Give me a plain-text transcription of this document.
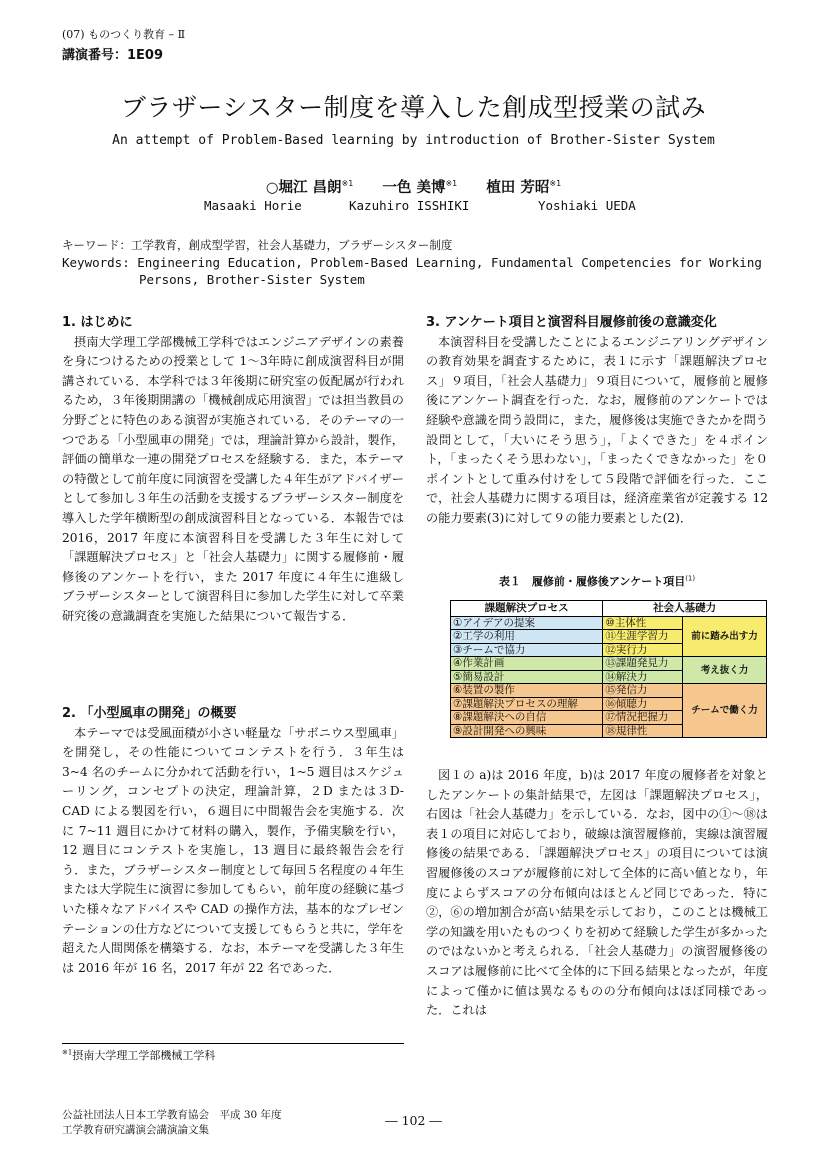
(07) ものつくり教育 – Ⅱ
講演番号：1E09
ブラザーシスター制度を導入した創成型授業の試み
An attempt of Problem-Based learning by introduction of Brother-Sister System
○堀江 昌朗$^{※1}$ 一色 美博$^{※1}$ 植田 芳昭$^{※1}$
Masaaki Horie	Kazuhiro ISSHIKI	Yoshiaki UEDA
キーワード：工学教育，創成型学習，社会人基礎力，ブラザーシスター制度
Keywords: Engineering Education, Problem-Based Learning, Fundamental Competencies for Working
Persons, Brother-Sister System
1. はじめに

摂南大学理工学部機械工学科ではエンジニアデザインの素養を身につけるための授業として 1～3年時に創成演習科目が開講されている．本学科では３年後期に研究室の仮配属が行われるため，３年後期開講の「機械創成応用演習」では担当教員の分野ごとに特色のある演習が実施されている．そのテーマの一つである「小型風車の開発」では，理論計算から設計，製作，評価の簡単な一連の開発プロセスを経験する．また，本テーマの特徴として前年度に同演習を受講した４年生がアドバイザーとして参加し３年生の活動を支援するブラザーシスター制度を導入した学年横断型の創成演習科目となっている．本報告では 2016，2017 年度に本演習科目を受講した３年生に対して「課題解決プロセス」と「社会人基礎力」に関する履修前・履修後のアンケートを行い，また 2017 年度に４年生に進級しブラザーシスターとして演習科目に参加した学生に対して卒業研究後の意識調査を実施した結果について報告する．

2. 「小型風車の開発」の概要

本テーマでは受風面積が小さい軽量な「サボニウス型風車」を開発し，その性能についてコンテストを行う．３年生は 3~4 名のチームに分かれて活動を行い，1~5 週目はスケジューリング，コンセプトの決定，理論計算，２D または３D-CAD による製図を行い，６週目に中間報告会を実施する．次に 7~11 週目にかけて材料の購入，製作，予備実験を行い，12 週目にコンテストを実施し，13 週目に最終報告会を行う．また，ブラザーシスター制度として毎回５名程度の４年生または大学院生に演習に参加してもらい，前年度の経験に基づいた様々なアドバイスや CAD の操作方法，基本的なプレゼンテーションの仕方などについて支援してもらうと共に，学年を超えた人間関係を構築する．なお，本テーマを受講した３年生は 2016 年が 16 名，2017 年が 22 名であった．

$^{※1}$摂南大学理工学部機械工学科
3. アンケート項目と演習科目履修前後の意識変化

本演習科目を受講したことによるエンジニアリングデザインの教育効果を調査するために，表１に示す「課題解決プロセス」９項目，「社会人基礎力」９項目について，履修前と履修後にアンケート調査を行った．なお，履修前のアンケートでは経験や意識を問う設問に，また，履修後は実施できたかを問う設問として，「大いにそう思う」，「よくできた」を４ポイント，「まったくそう思わない」，「まったくできなかった」を０ポイントとして重み付けをして５段階で評価を行った．ここで，社会人基礎力に関する項目は，経済産業省が定義する 12 の能力要素(3)に対して９の能力要素とした(2)．

表１　履修前・履修後アンケート項目$^{(1)}$
課題解決プロセス	社会人基礎力	
①アイデアの提案	⑩主体性	前に踏み出す力
②工学の利用	⑪生涯学習力	
③チームで協力	⑫実行力	
④作業計画	⑬課題発見力	考え抜く力
⑤簡易設計	⑭解決力	
⑥装置の製作	⑮発信力	チームで働く力
⑦課題解決プロセスの理解	⑯傾聴力	
⑧課題解決への自信	⑰情況把握力	
⑨設計開発への興味	⑱規律性	

図１の a)は 2016 年度，b)は 2017 年度の履修者を対象としたアンケートの集計結果で，左図は「課題解決プロセス」，右図は「社会人基礎力」を示している．なお，図中の①～⑱は表１の項目に対応しており，破線は演習履修前，実線は演習履修後の結果である．「課題解決プロセス」の項目については演習履修後のスコアが履修前に対して全体的に高い値となり，年度によらずスコアの分布傾向はほとんど同じであった．特に②，⑥の増加割合が高い結果を示しており，このことは機械工学の知識を用いたものつくりを初めて経験した学生が多かったのではないかと考えられる．「社会人基礎力」の演習履修後のスコアは履修前に比べて全体的に下回る結果となったが，年度によって僅かに値は異なるものの分布傾向はほぼ同様であった．これは

公益社団法人日本工学教育協会　平成 30 年度
工学教育研究講演会講演論文集
― 102 ―
